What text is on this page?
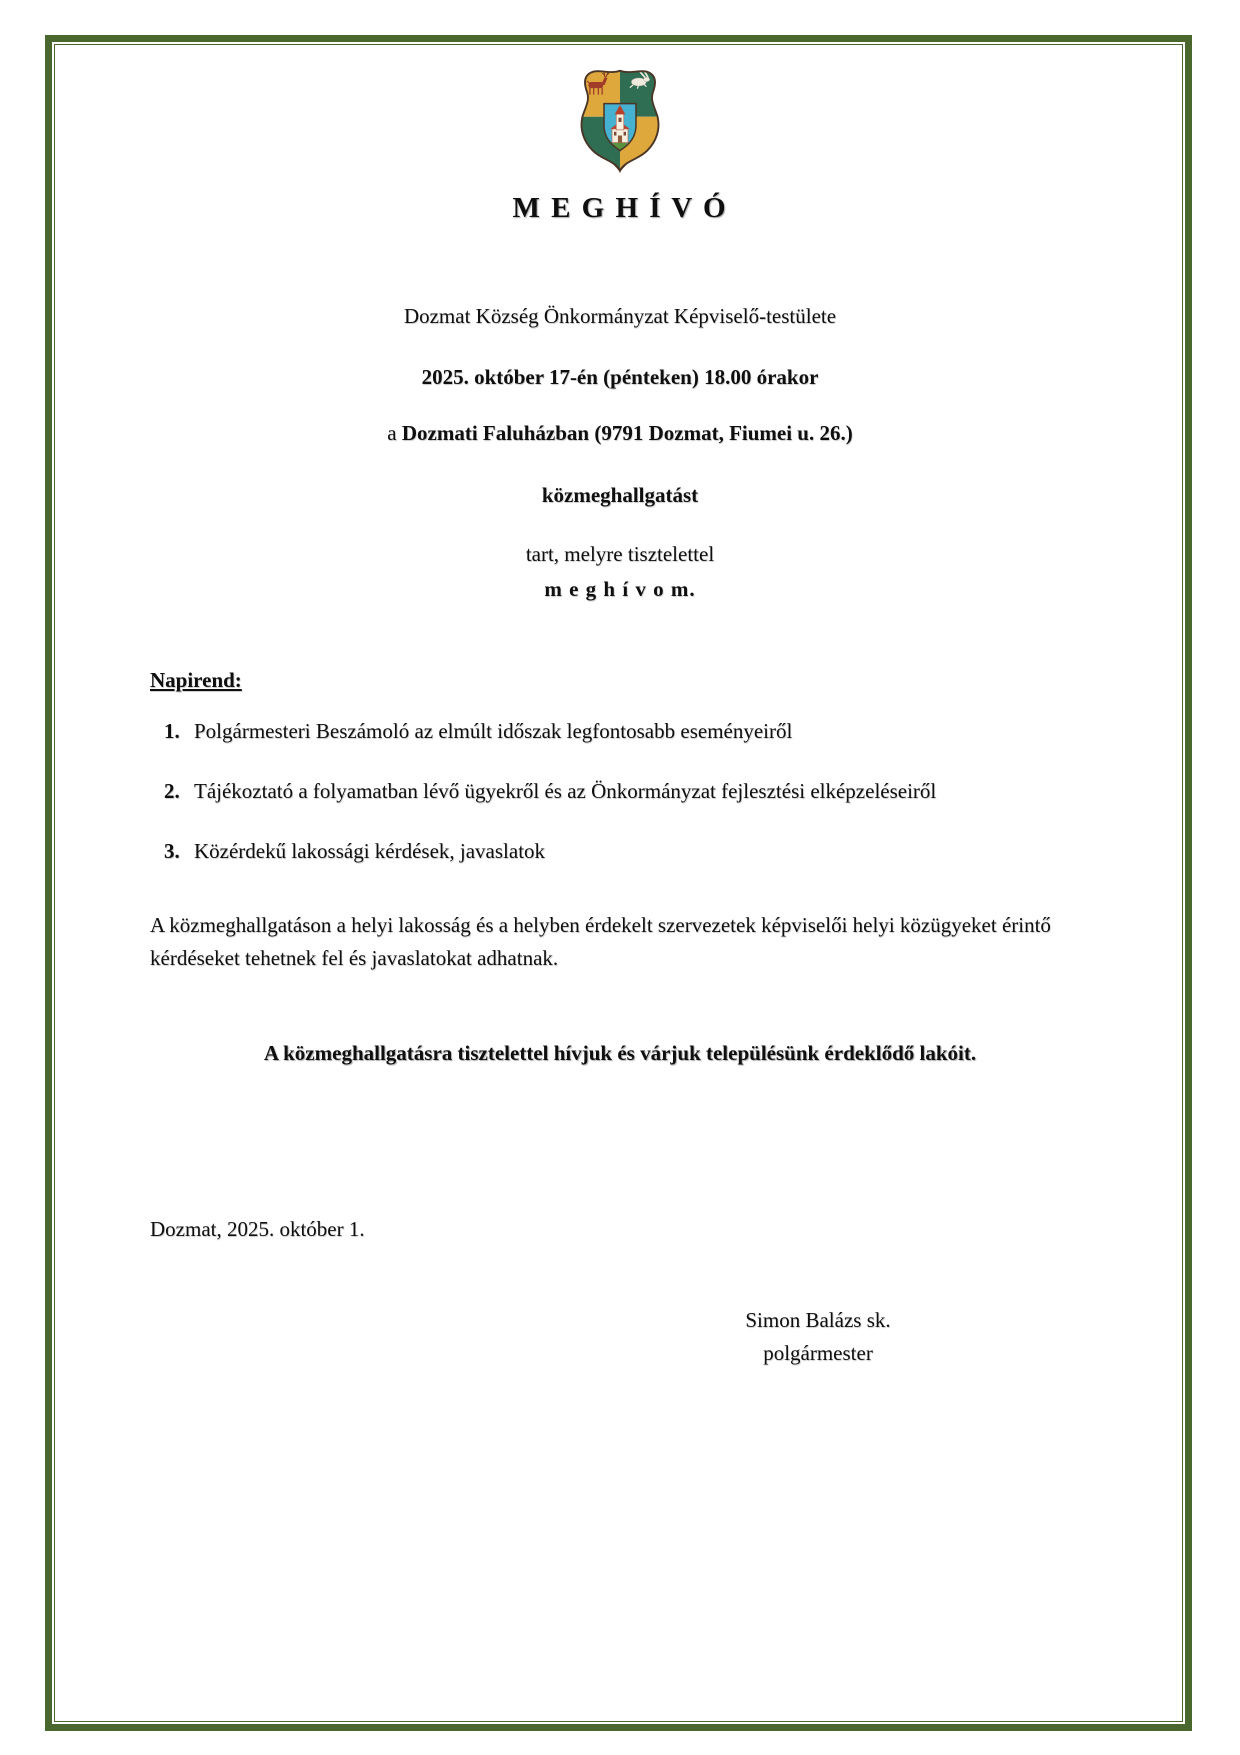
M E G H Í V Ó

Dozmat Község Önkormányzat Képviselő-testülete

2025. október 17-én (pénteken) 18.00 órakor

a Dozmati Faluházban (9791 Dozmat, Fiumei u. 26.)

közmeghallgatást

tart, melyre tisztelettel
m e g h í v o m.

Napirend:

1. Polgármesteri Beszámoló az elmúlt időszak legfontosabb eseményeiről
2. Tájékoztató a folyamatban lévő ügyekről és az Önkormányzat fejlesztési elképzeléseiről
3. Közérdekű lakossági kérdések, javaslatok

A közmeghallgatáson a helyi lakosság és a helyben érdekelt szervezetek képviselői helyi közügyeket érintő kérdéseket tehetnek fel és javaslatokat adhatnak.

A közmeghallgatásra tisztelettel hívjuk és várjuk településünk érdeklődő lakóit.

Dozmat, 2025. október 1.

Simon Balázs sk.
polgármester
